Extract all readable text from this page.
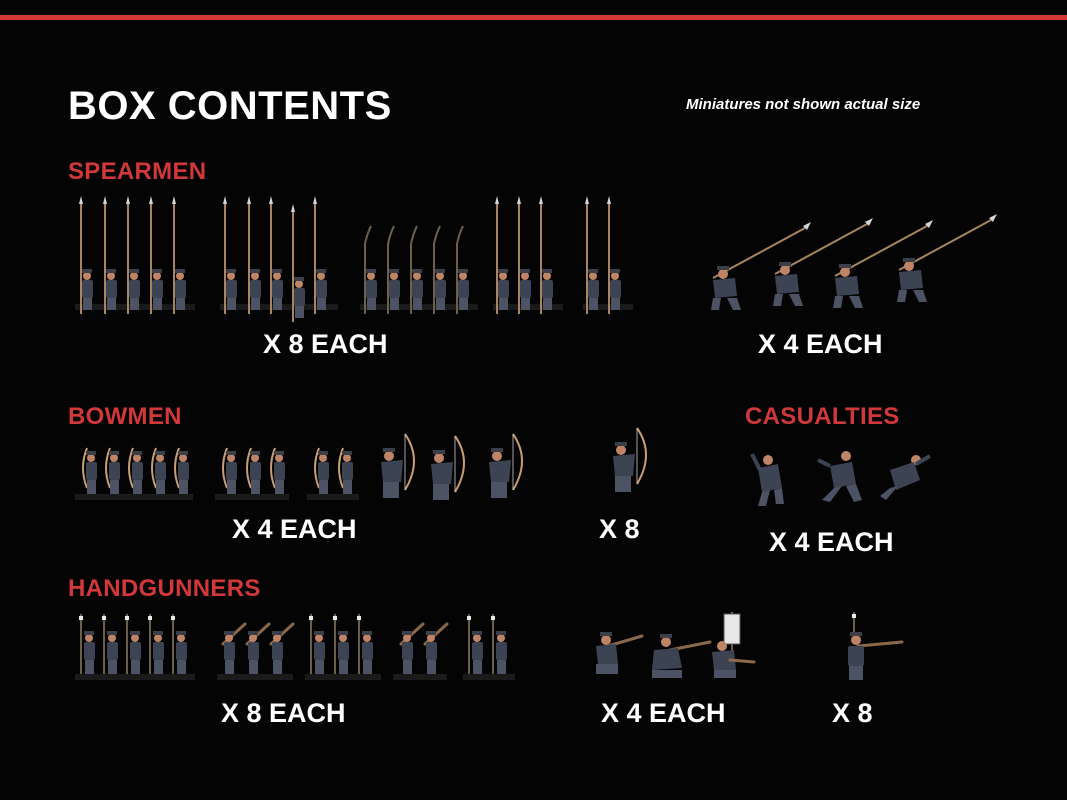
BOX CONTENTS	Miniatures not shown actual size
SPEARMEN
X 8 EACH	X 4 EACH
BOWMEN
X 4 EACH	X 8
CASUALTIES
X 4 EACH
HANDGUNNERS
X 8 EACH	X 4 EACH	X 8
